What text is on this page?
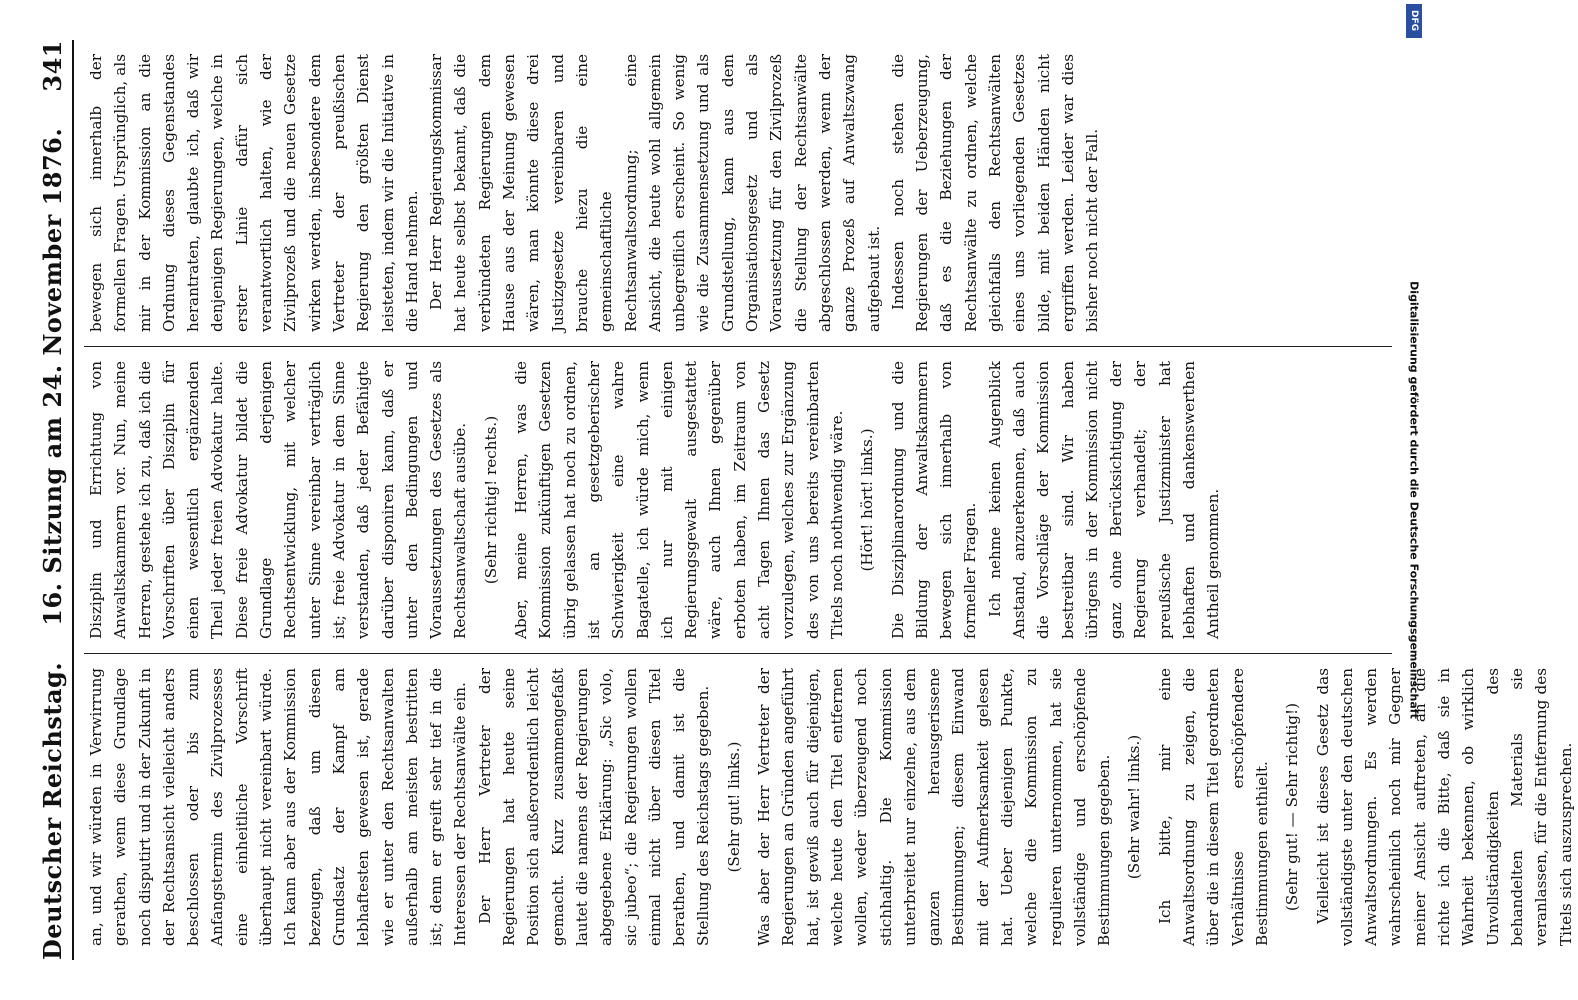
Deutscher Reichstag.
16. Sitzung am 24. November 1876.
341

an, und wir würden in Verwirrung gerathen, wenn diese Grundlage noch disputirt und in der Zukunft in der Rechtsansicht vielleicht anders beschlossen oder bis zum Anfangstermin des Zivilprozesses eine einheitliche Vorschrift überhaupt nicht vereinbart würde. Ich kann aber aus der Kommission bezeugen, daß um diesen Grundsatz der Kampf am lebhaftesten gewesen ist, gerade wie er unter den Rechtsanwalten außerhalb am meisten bestritten ist; denn er greift sehr tief in die Interessen der Rechtsanwälte ein. Der Herr Vertreter der Regierungen hat heute seine Position sich außerordentlich leicht gemacht. Kurz zusammengefaßt lautet die namens der Regierungen abgegebene Erklärung: „Sic volo, sic jubeo“; die Regierungen wollen einmal nicht über diesen Titel berathen, und damit ist die Stellung des Reichstags gegeben. (Sehr gut! links.) Was aber der Herr Vertreter der Regierungen an Gründen angeführt hat, ist gewiß auch für diejenigen, welche heute den Titel entfernen wollen, weder überzeugend noch stichhaltig. Die Kommission unterbreitet nur einzelne, aus dem ganzen herausgerissene Bestimmungen; diesem Einwand mit der Aufmerksamkeit gelesen hat. Ueber diejenigen Punkte, welche die Kommission zu regulieren unternommen, hat sie vollständige und erschöpfende Bestimmungen gegeben. (Sehr wahr! links.) Ich bitte, mir eine Anwaltsordnung zu zeigen, die über die in diesem Titel geordneten Verhältnisse erschöpfendere Bestimmungen enthielt. (Sehr gut! — Sehr richtig!) Vielleicht ist dieses Gesetz das vollständigste unter den deutschen Anwaltsordnungen. Es werden wahrscheinlich noch mir Gegner meiner Ansicht auftreten, an die richte ich die Bitte, daß sie in Wahrheit bekennen, ob wirklich Unvollständigkeiten des behandelten Materials sie veranlassen, für die Entfernung des Titels sich auszusprechen.

Disziplin und Errichtung von Anwaltskammern vor. Nun, meine Herren, gestehe ich zu, daß ich die Vorschriften über Disziplin für einen wesentlich ergänzenden Theil jeder freien Advokatur halte. Diese freie Advokatur bildet die Grundlage derjenigen Rechtsentwicklung, mit welcher unter Sinne vereinbar verträglich ist; freie Advokatur in dem Sinne verstanden, daß jeder Befähigte darüber disponiren kann, daß er unter den Bedingungen und Voraussetzungen des Gesetzes als Rechtsanwaltschaft ausübe. (Sehr richtig! rechts.) Aber, meine Herren, was die Kommission zukünftigen Gesetzen übrig gelassen hat noch zu ordnen, ist an gesetzgeberischer Schwierigkeit eine wahre Bagatelle, ich würde mich, wenn ich nur mit einigen Regierungsgewalt ausgestattet wäre, auch Ihnen gegenüber erboten haben, im Zeitraum von acht Tagen Ihnen das Gesetz vorzulegen, welches zur Ergänzung des von uns bereits vereinbarten Titels noch nothwendig wäre. (Hört! hört! links.) Die Disziplinarordnung und die Bildung der Anwaltskammern bewegen sich innerhalb von formeller Fragen. Ich nehme keinen Augenblick Anstand, anzuerkennen, daß auch die Vorschläge der Kommission bestreitbar sind. Wir haben übrigens in der Kommission nicht ganz ohne Berücksichtigung der Regierung verhandelt; der preußische Justizminister hat lebhaften und dankenswerthen Antheil genommen.

bewegen sich innerhalb der formellen Fragen. Ursprünglich, als mir in der Kommission an die Ordnung dieses Gegenstandes herantraten, glaubte ich, daß wir denjenigen Regierungen, welche in erster Linie dafür sich verantwortlich halten, wie der Zivilprozeß und die neuen Gesetze wirken werden, insbesondere dem Vertreter der preußischen Regierung den größten Dienst leisteten, indem wir die Initiative in die Hand nehmen. Der Herr Regierungskommissar hat heute selbst bekannt, daß die verbündeten Regierungen dem Hause aus der Meinung gewesen wären, man könnte diese drei Justizgesetze vereinbaren und brauche hiezu die eine gemeinschaftliche Rechtsanwaltsordnung; eine Ansicht, die heute wohl allgemein unbegreiflich erscheint. So wenig wie die Zusammensetzung und als Grundstellung, kann aus dem Organisationsgesetz und als Voraussetzung für den Zivilprozeß die Stellung der Rechtsanwälte abgeschlossen werden, wenn der ganze Prozeß auf Anwaltszwang aufgebaut ist. Indessen noch stehen die Regierungen der Ueberzeugung, daß es die Beziehungen der Rechtsanwälte zu ordnen, welche gleichfalls den Rechtsanwälten eines uns vorliegenden Gesetzes bilde, mit beiden Händen nicht ergriffen werden. Leider war dies bisher noch nicht der Fall.

DFG
Digitalisierung gefördert durch die Deutsche Forschungsgemeinschaft
